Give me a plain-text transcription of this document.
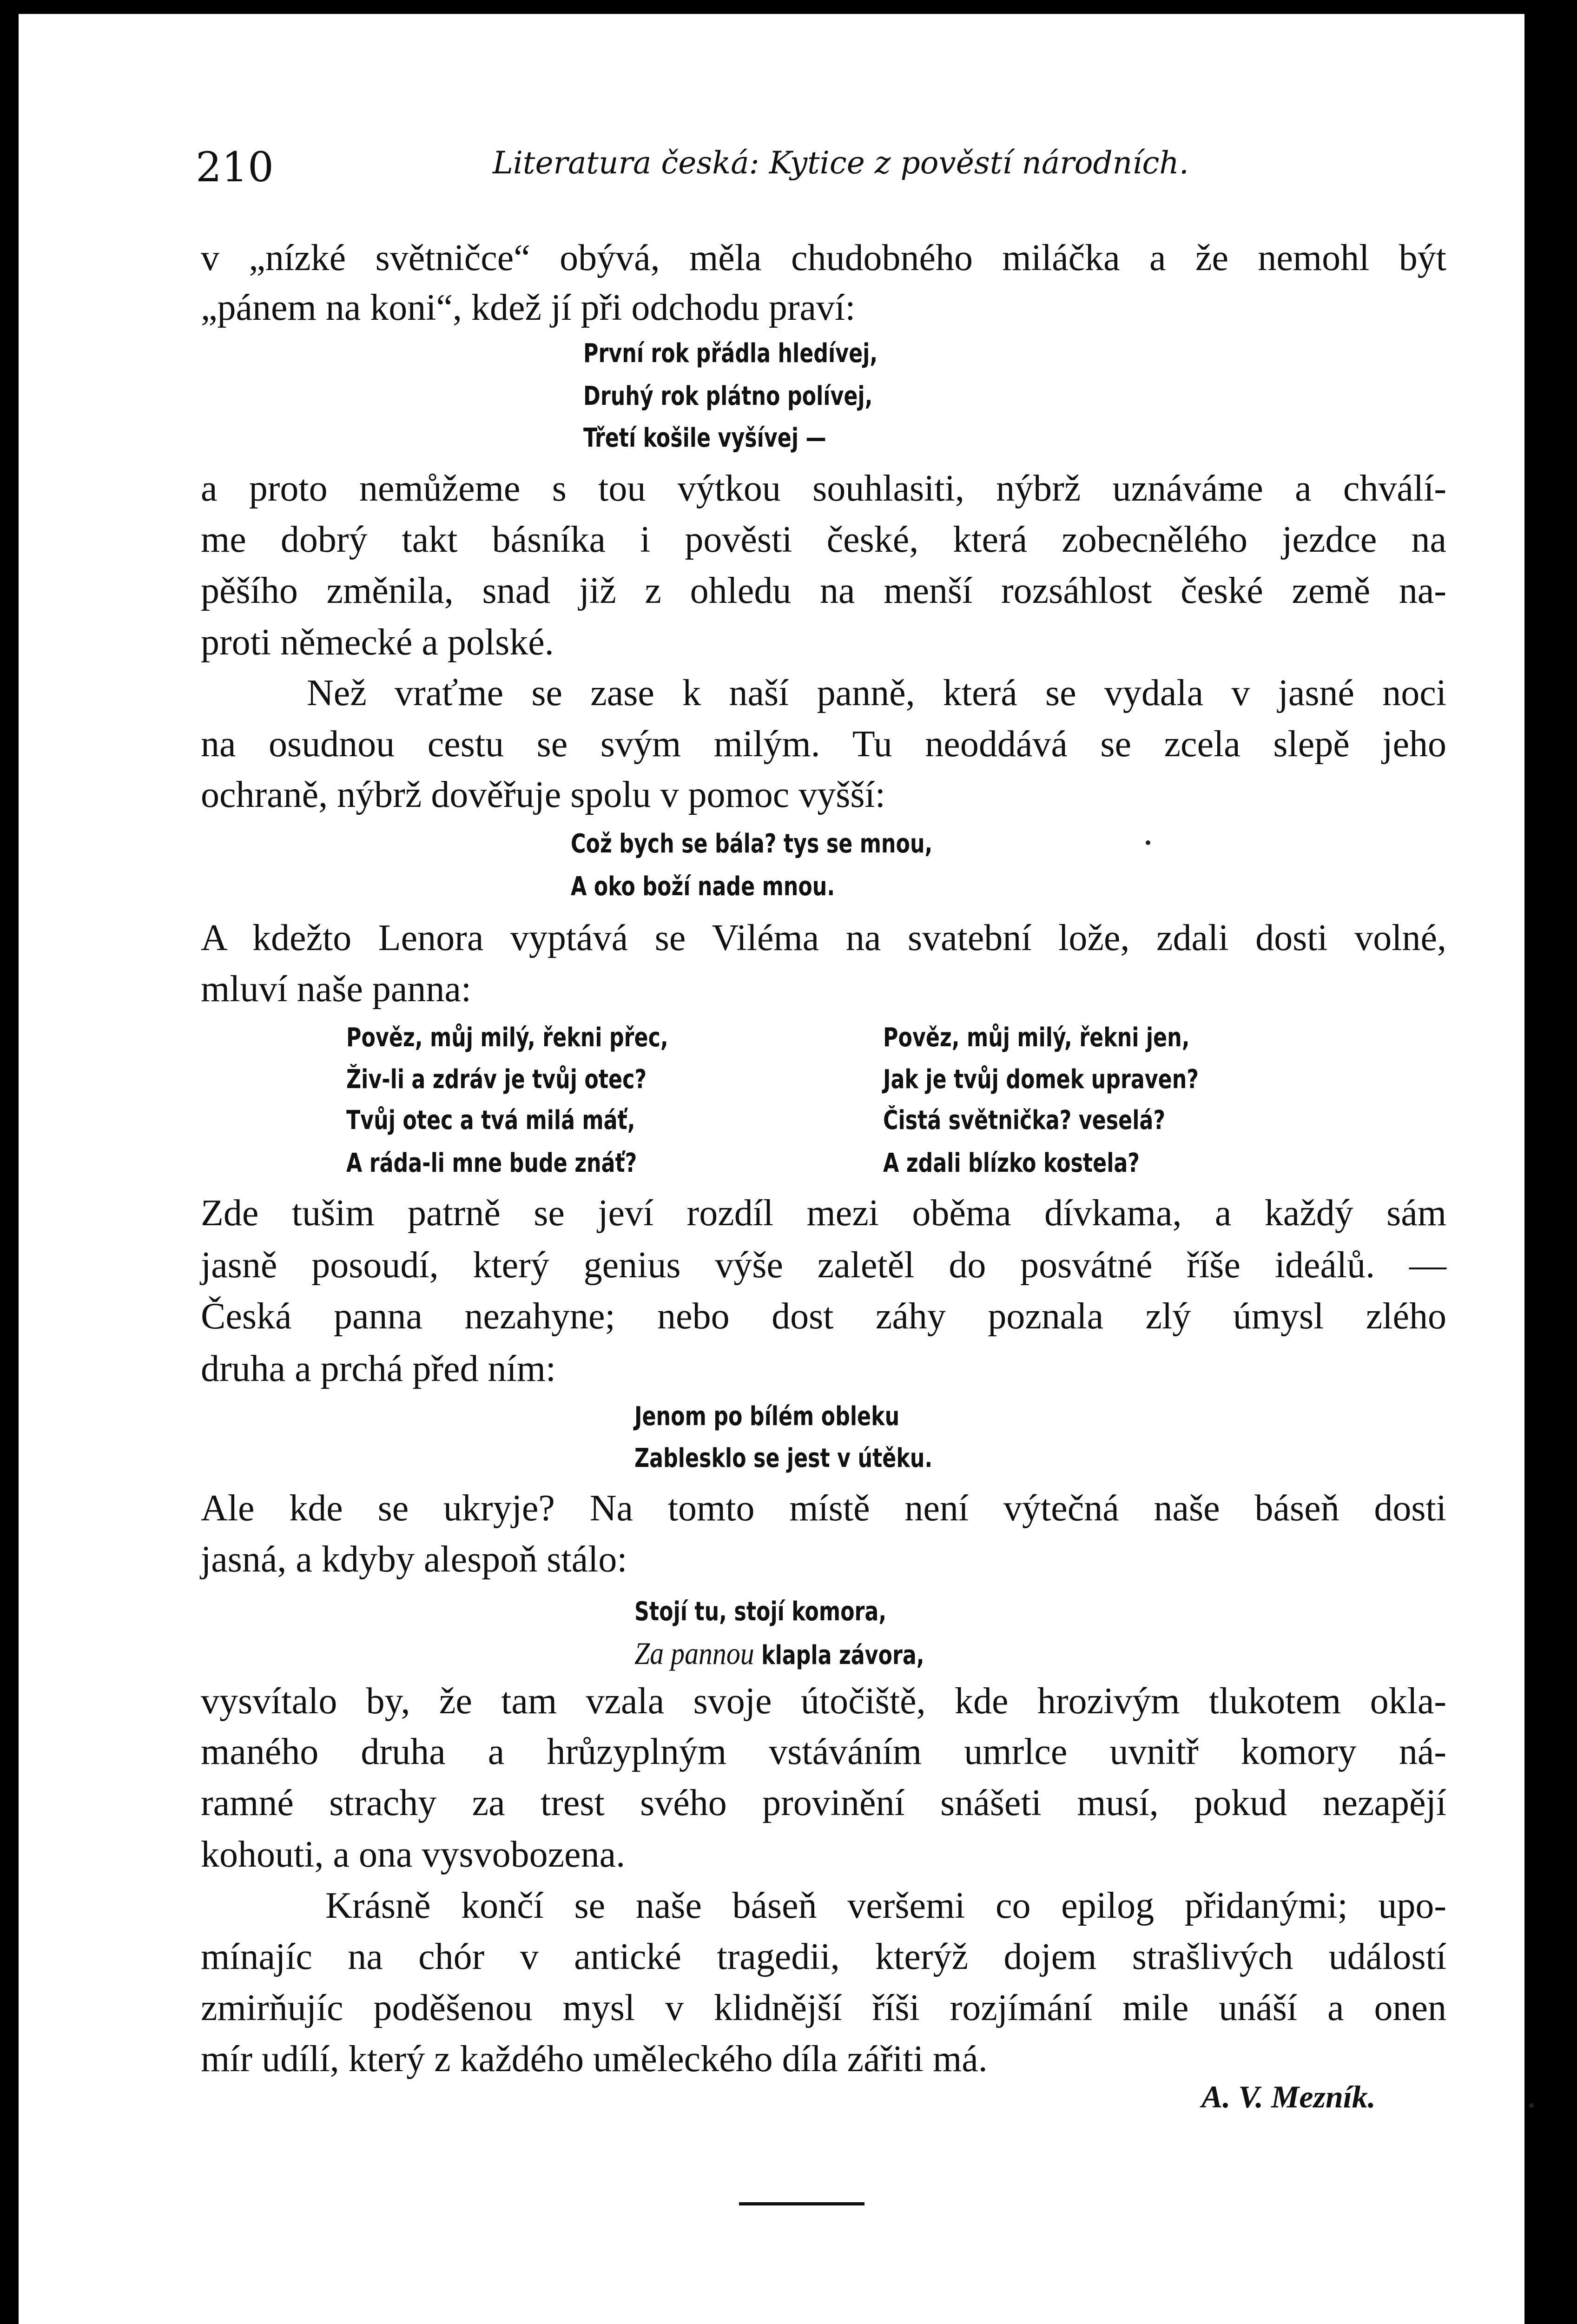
210	Literatura česká: Kytice z pověstí národních.
v „nízké světničce“ obývá, měla chudobného miláčka a že nemohl být
„pánem na koni“, kdež jí při odchodu praví:
První rok přádla hledívej,
Druhý rok plátno polívej,
Třetí košile vyšívej —
a proto nemůžeme s tou výtkou souhlasiti, nýbrž uznáváme a chválí-
me dobrý takt básníka i pověsti české, která zobecnělého jezdce na
pěšího změnila, snad již z ohledu na menší rozsáhlost české země na-
proti německé a polské.
Než vraťme se zase k naší panně, která se vydala v jasné noci
na osudnou cestu se svým milým. Tu neoddává se zcela slepě jeho
ochraně, nýbrž dověřuje spolu v pomoc vyšší:
Což bych se bála? tys se mnou,
A oko boží nade mnou.
A kdežto Lenora vyptává se Viléma na svatební lože, zdali dosti volné,
mluví naše panna:
Pověz, můj milý, řekni přec,
Živ-li a zdráv je tvůj otec?
Tvůj otec a tvá milá máť,
A ráda-li mne bude znáť?
Pověz, můj milý, řekni jen,
Jak je tvůj domek upraven?
Čistá světnička? veselá?
A zdali blízko kostela?
Zde tušim patrně se jeví rozdíl mezi oběma dívkama, a každý sám
jasně posoudí, který genius výše zaletěl do posvátné říše ideálů. —
Česká panna nezahyne; nebo dost záhy poznala zlý úmysl zlého
druha a prchá před ním:
Jenom po bílém obleku
Zablesklo se jest v útěku.
Ale kde se ukryje? Na tomto místě není výtečná naše báseň dosti
jasná, a kdyby alespoň stálo:
Stojí tu, stojí komora,
Za pannou klapla závora,
vysvítalo by, že tam vzala svoje útočiště, kde hrozivým tlukotem okla-
maného druha a hrůzyplným vstáváním umrlce uvnitř komory ná-
ramné strachy za trest svého provinění snášeti musí, pokud nezapějí
kohouti, a ona vysvobozena.
Krásně končí se naše báseň veršemi co epilog přidanými; upo-
mínajíc na chór v antické tragedii, kterýž dojem strašlivých událostí
zmirňujíc poděšenou mysl v klidnější říši rozjímání mile unáší a onen
mír udílí, který z každého uměleckého díla zářiti má.
A. V. Mezník.
